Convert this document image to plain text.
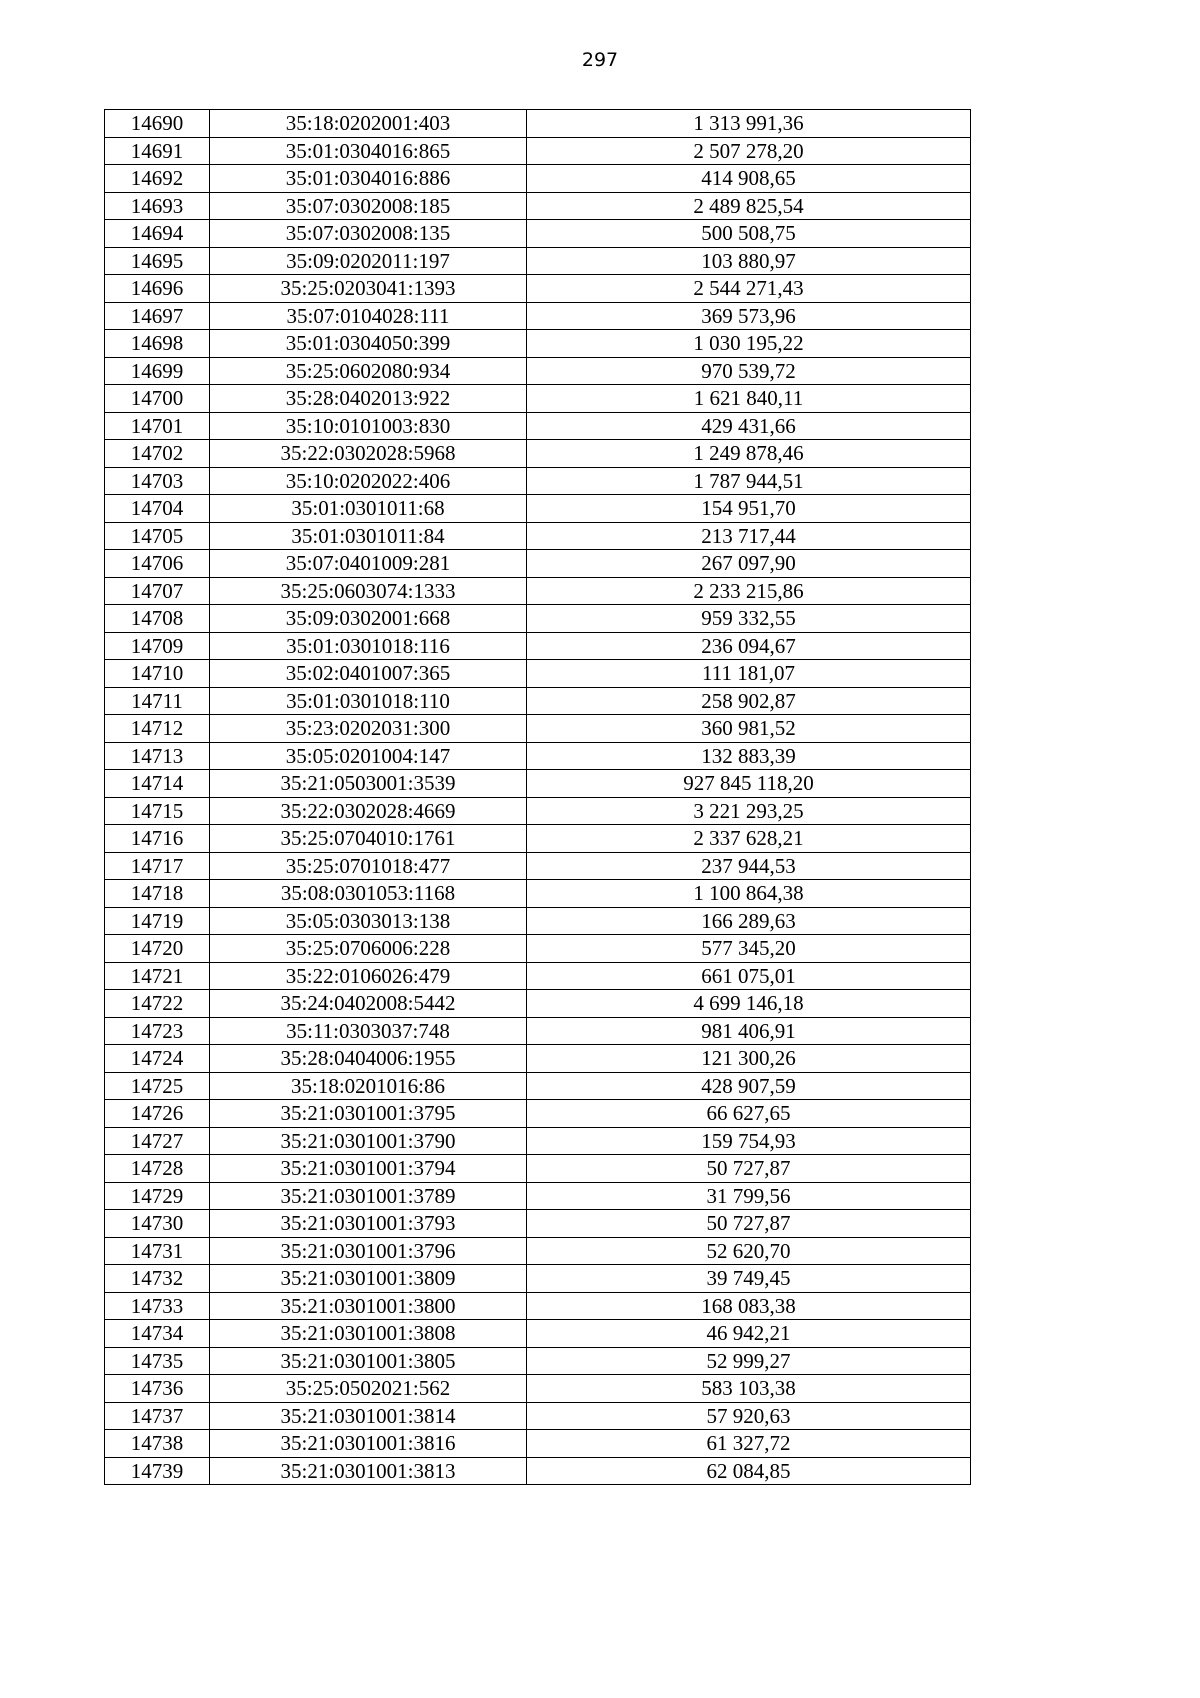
297
14690	35:18:0202001:403	1 313 991,36
14691	35:01:0304016:865	2 507 278,20
14692	35:01:0304016:886	414 908,65
14693	35:07:0302008:185	2 489 825,54
14694	35:07:0302008:135	500 508,75
14695	35:09:0202011:197	103 880,97
14696	35:25:0203041:1393	2 544 271,43
14697	35:07:0104028:111	369 573,96
14698	35:01:0304050:399	1 030 195,22
14699	35:25:0602080:934	970 539,72
14700	35:28:0402013:922	1 621 840,11
14701	35:10:0101003:830	429 431,66
14702	35:22:0302028:5968	1 249 878,46
14703	35:10:0202022:406	1 787 944,51
14704	35:01:0301011:68	154 951,70
14705	35:01:0301011:84	213 717,44
14706	35:07:0401009:281	267 097,90
14707	35:25:0603074:1333	2 233 215,86
14708	35:09:0302001:668	959 332,55
14709	35:01:0301018:116	236 094,67
14710	35:02:0401007:365	111 181,07
14711	35:01:0301018:110	258 902,87
14712	35:23:0202031:300	360 981,52
14713	35:05:0201004:147	132 883,39
14714	35:21:0503001:3539	927 845 118,20
14715	35:22:0302028:4669	3 221 293,25
14716	35:25:0704010:1761	2 337 628,21
14717	35:25:0701018:477	237 944,53
14718	35:08:0301053:1168	1 100 864,38
14719	35:05:0303013:138	166 289,63
14720	35:25:0706006:228	577 345,20
14721	35:22:0106026:479	661 075,01
14722	35:24:0402008:5442	4 699 146,18
14723	35:11:0303037:748	981 406,91
14724	35:28:0404006:1955	121 300,26
14725	35:18:0201016:86	428 907,59
14726	35:21:0301001:3795	66 627,65
14727	35:21:0301001:3790	159 754,93
14728	35:21:0301001:3794	50 727,87
14729	35:21:0301001:3789	31 799,56
14730	35:21:0301001:3793	50 727,87
14731	35:21:0301001:3796	52 620,70
14732	35:21:0301001:3809	39 749,45
14733	35:21:0301001:3800	168 083,38
14734	35:21:0301001:3808	46 942,21
14735	35:21:0301001:3805	52 999,27
14736	35:25:0502021:562	583 103,38
14737	35:21:0301001:3814	57 920,63
14738	35:21:0301001:3816	61 327,72
14739	35:21:0301001:3813	62 084,85
